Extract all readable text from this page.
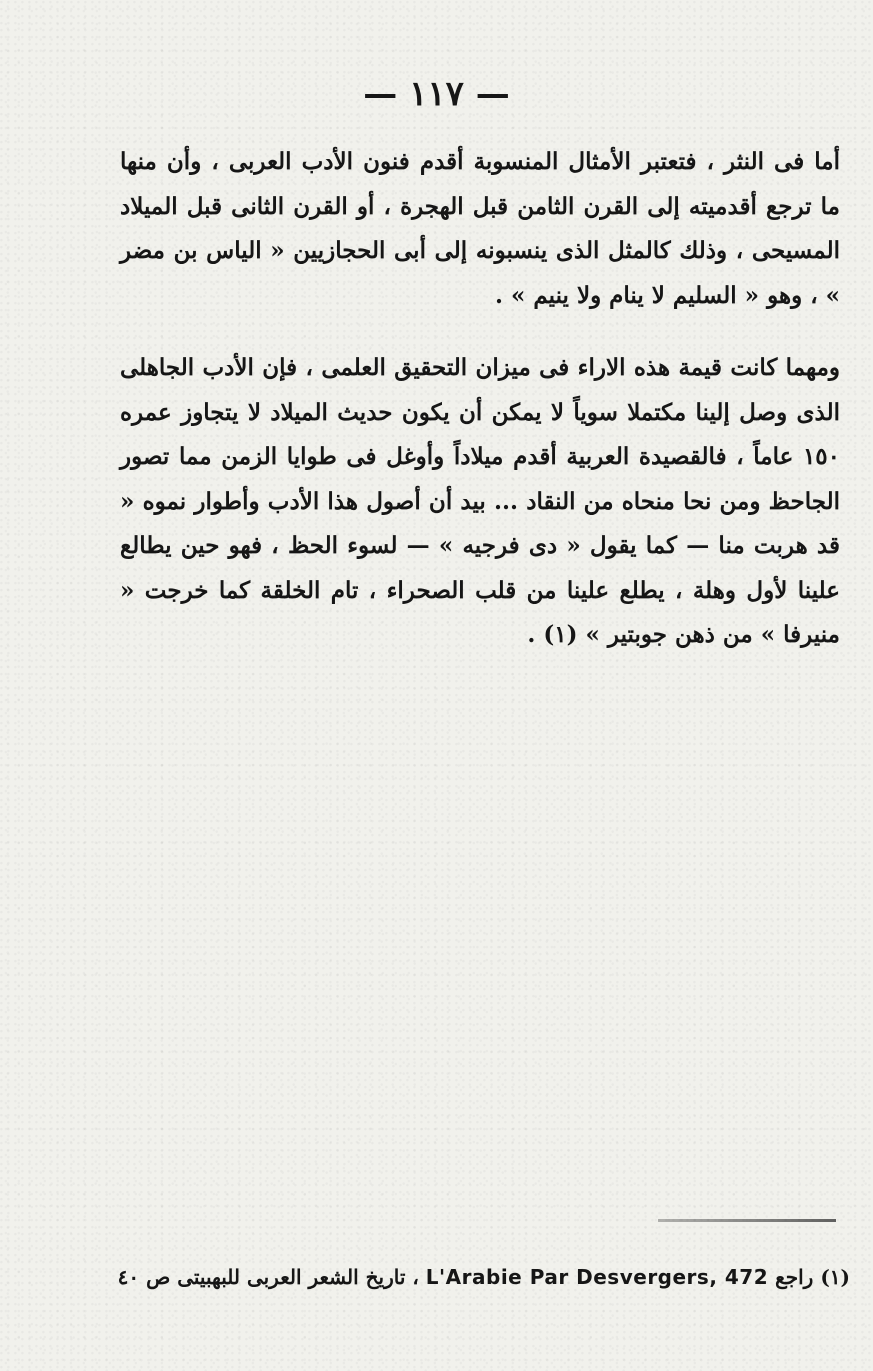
— ١١٧ —

أما فى النثر ، فتعتبر الأمثال المنسوبة أقدم فنون الأدب العربى ، وأن منها ما ترجع أقدميته إلى القرن الثامن قبل الهجرة ، أو القرن الثانى قبل الميلاد المسيحى ، وذلك كالمثل الذى ينسبونه إلى أبى الحجازيين « الياس بن مضر » ، وهو « السليم لا ينام ولا ينيم » .

ومهما كانت قيمة هذه الاراء فى ميزان التحقيق العلمى ، فإن الأدب الجاهلى الذى وصل إلينا مكتملا سوياً لا يمكن أن يكون حديث الميلاد لا يتجاوز عمره ١٥٠ عاماً ، فالقصيدة العربية أقدم ميلاداً وأوغل فى طوايا الزمن مما تصور الجاحظ ومن نحا منحاه من النقاد ... بيد أن أصول هذا الأدب وأطوار نموه « قد هربت منا — كما يقول « دى فرجيه » — لسوء الحظ ، فهو حين يطالع علينا لأول وهلة ، يطلع علينا من قلب الصحراء ، تام الخلقة كما خرجت « منيرفا » من ذهن جوبتير » (١) .

(١) راجع L'Arabie Par Desvergers, 472 ، تاريخ الشعر العربى للبهبيتى ص ٤٠
